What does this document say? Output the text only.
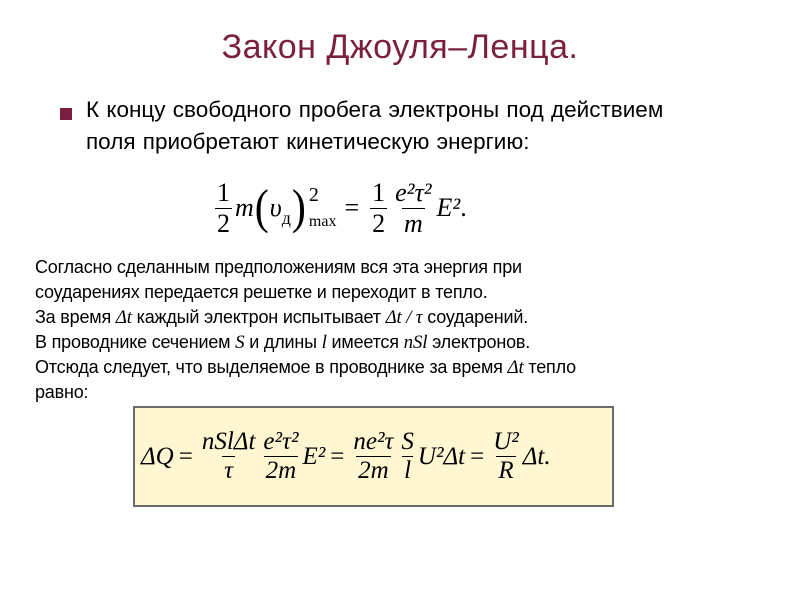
Закон Джоуля–Ленца.
К концу свободного пробега электроны под действием
поля приобретают кинетическую энергию:
$\frac{1}{2}$ m ( υ д ) 2
$\max = \frac{1}{2} \frac{\text{e²τ²}}{m} E^2$ .
Согласно сделанным предположениям вся эта энергия при
соударениях передается решетке и переходит в тепло.
За время Δt каждый электрон испытывает Δt / τ соударений.
В проводнике сечением S и длины l имеется nSl электронов.
Отсюда следует, что выделяемое в проводнике за время Δt тепло
равно:
$\Delta Q = \frac{\text{nSlΔt}}{\tau} \frac{\text{e²τ²}}{2m} E^2 = \frac{\text{ne²τ}}{2m} \frac{S}{l} U^2\Delta t = \frac{\text{U²}}{R} \Delta t$.
